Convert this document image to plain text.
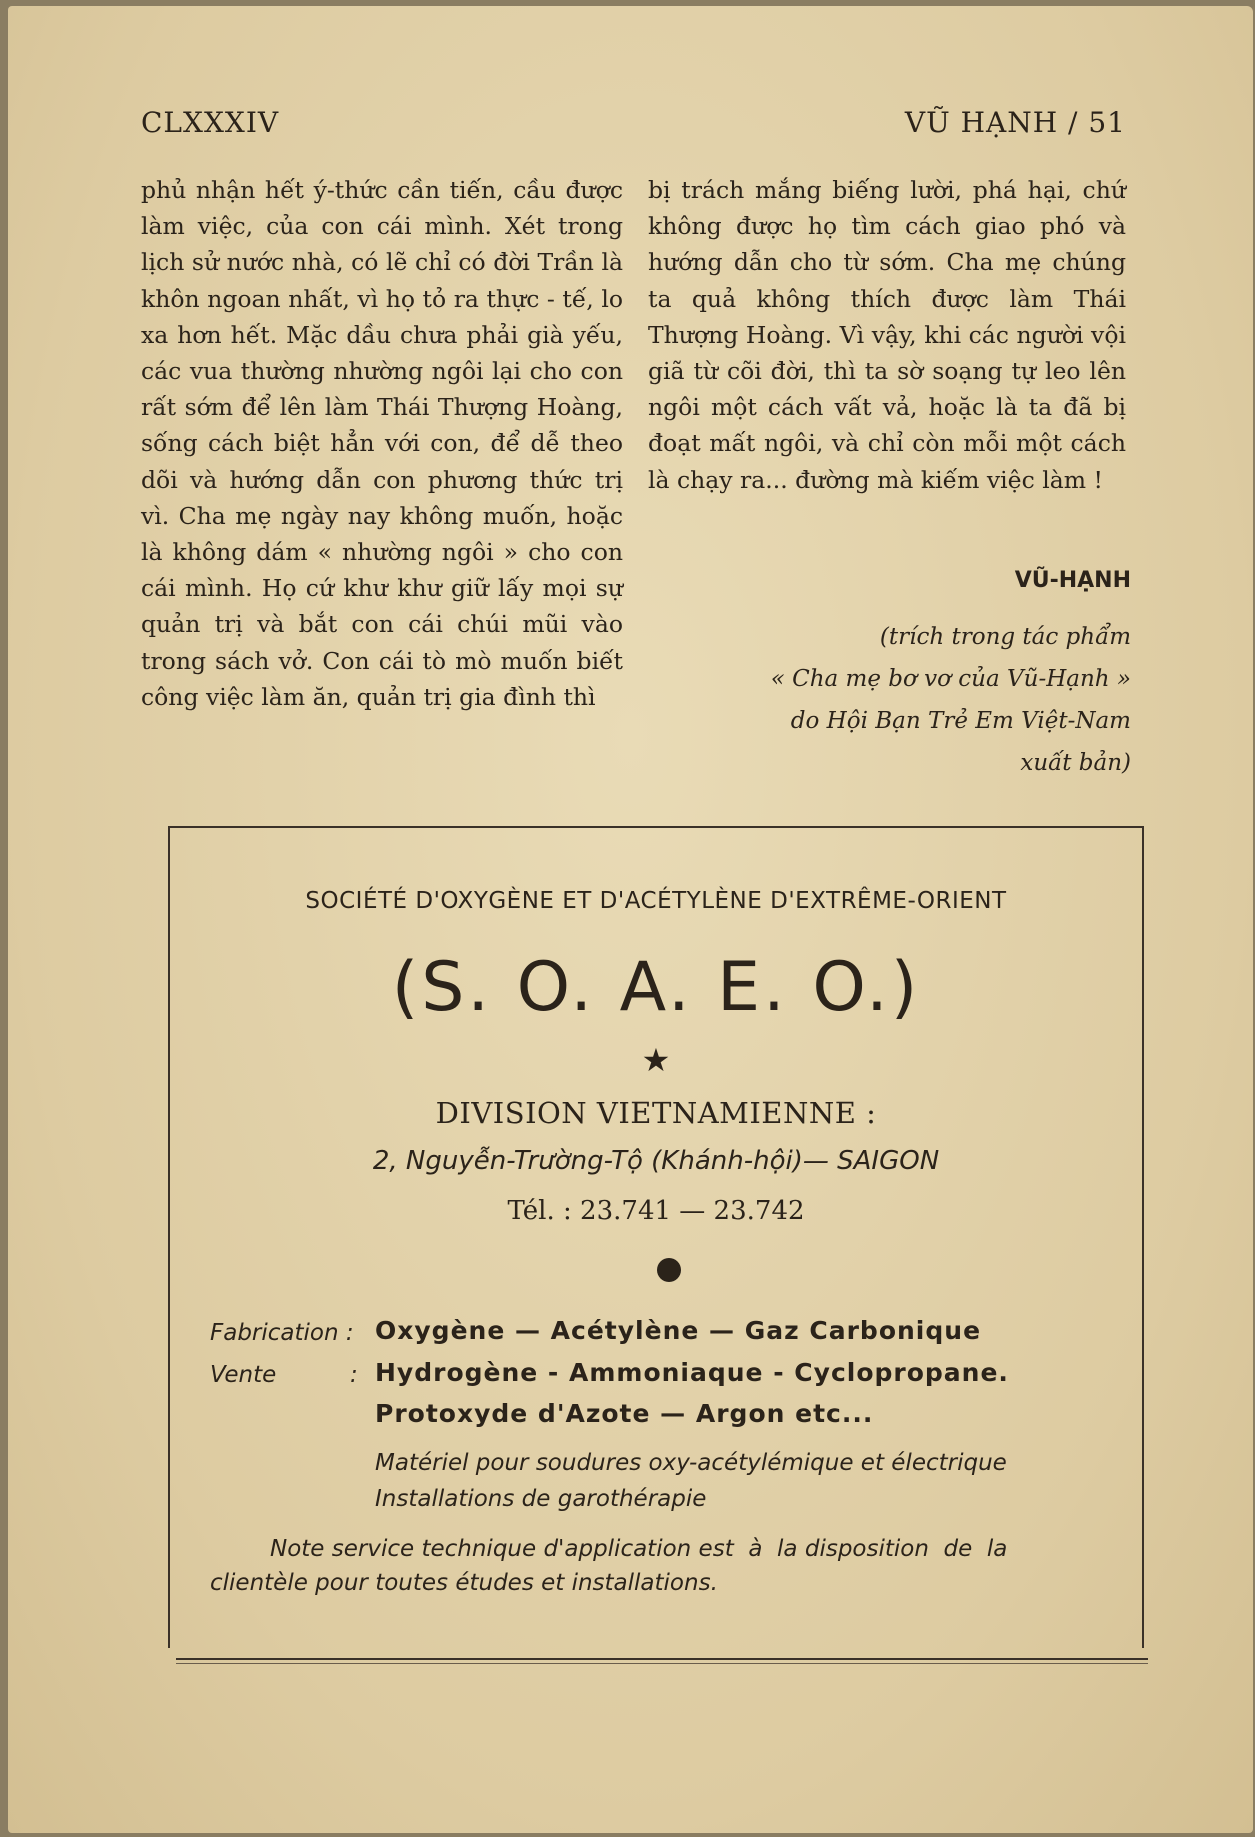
CLXXXIV	VŨ HẠNH / 51
phủ nhận hết ý-thức cần tiến, cầu được làm việc, của con cái mình. Xét trong lịch sử nước nhà, có lẽ chỉ có đời Trần là khôn ngoan nhất, vì họ tỏ ra thực - tế, lo xa hơn hết. Mặc dầu chưa phải già yếu, các vua thường nhường ngôi lại cho con rất sớm để lên làm Thái Thượng Hoàng, sống cách biệt hẳn với con, để dễ theo dõi và hướng dẫn con phương thức trị vì. Cha mẹ ngày nay không muốn, hoặc là không dám « nhường ngôi » cho con cái mình. Họ cứ khư khư giữ lấy mọi sự quản trị và bắt con cái chúi mũi vào trong sách vở. Con cái tò mò muốn biết công việc làm ăn, quản trị gia đình thì
bị trách mắng biếng lười, phá hại, chứ không được họ tìm cách giao phó và hướng dẫn cho từ sớm. Cha mẹ chúng ta quả không thích được làm Thái Thượng Hoàng. Vì vậy, khi các người vội giã từ cõi đời, thì ta sờ soạng tự leo lên ngôi một cách vất vả, hoặc là ta đã bị đoạt mất ngôi, và chỉ còn mỗi một cách là chạy ra... đường mà kiếm việc làm !
VŨ-HẠNH
(trích trong tác phẩm
« Cha mẹ bơ vơ của Vũ-Hạnh »
do Hội Bạn Trẻ Em Việt-Nam
xuất bản)
SOCIÉTÉ D'OXYGÈNE ET D'ACÉTYLÈNE D'EXTRÊME-ORIENT
(S. O. A. E. O.)
★
DIVISION VIETNAMIENNE :
2, Nguyễn-Trường-Tộ (Khánh-hội)— SAIGON
Tél. : 23.741 — 23.742
Fabrication : Oxygène — Acétylène — Gaz Carbonique
Vente	: Hydrogène - Ammoniaque - Cyclopropane.
Protoxyde d'Azote — Argon etc...
Matériel pour soudures oxy-acétylémique et électrique
Installations de garothérapie
Note service technique d'application est  à  la disposition  de  la
clientèle pour toutes études et installations.
